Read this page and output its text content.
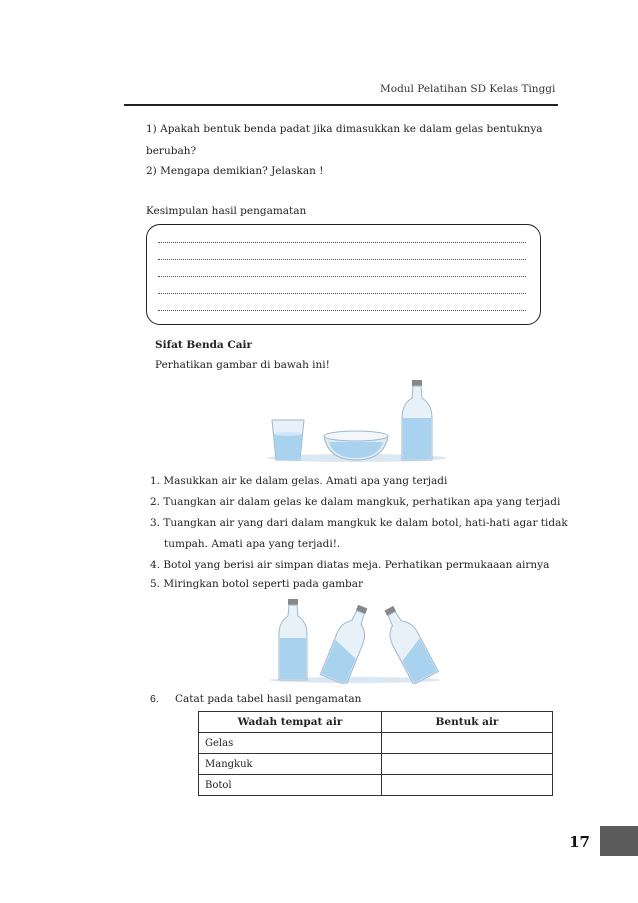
Modul Pelatihan SD Kelas Tinggi
1) Apakah bentuk benda padat jika dimasukkan ke dalam gelas bentuknya
berubah?
2) Mengapa demikian? Jelaskan !
Kesimpulan hasil pengamatan
Sifat Benda Cair
Perhatikan gambar di bawah ini!
1. Masukkan air ke dalam gelas. Amati apa yang terjadi
2. Tuangkan air dalam gelas ke dalam mangkuk, perhatikan apa yang terjadi
3. Tuangkan air yang dari dalam mangkuk ke dalam botol, hati-hati agar tidak
tumpah. Amati apa yang terjadi!.
4. Botol yang berisi air simpan diatas meja. Perhatikan permukaaan airnya
5. Miringkan botol seperti pada gambar
6. Catat pada tabel hasil pengamatan
Wadah tempat air	Bentuk air
Gelas	
Mangkuk	
Botol	
17
